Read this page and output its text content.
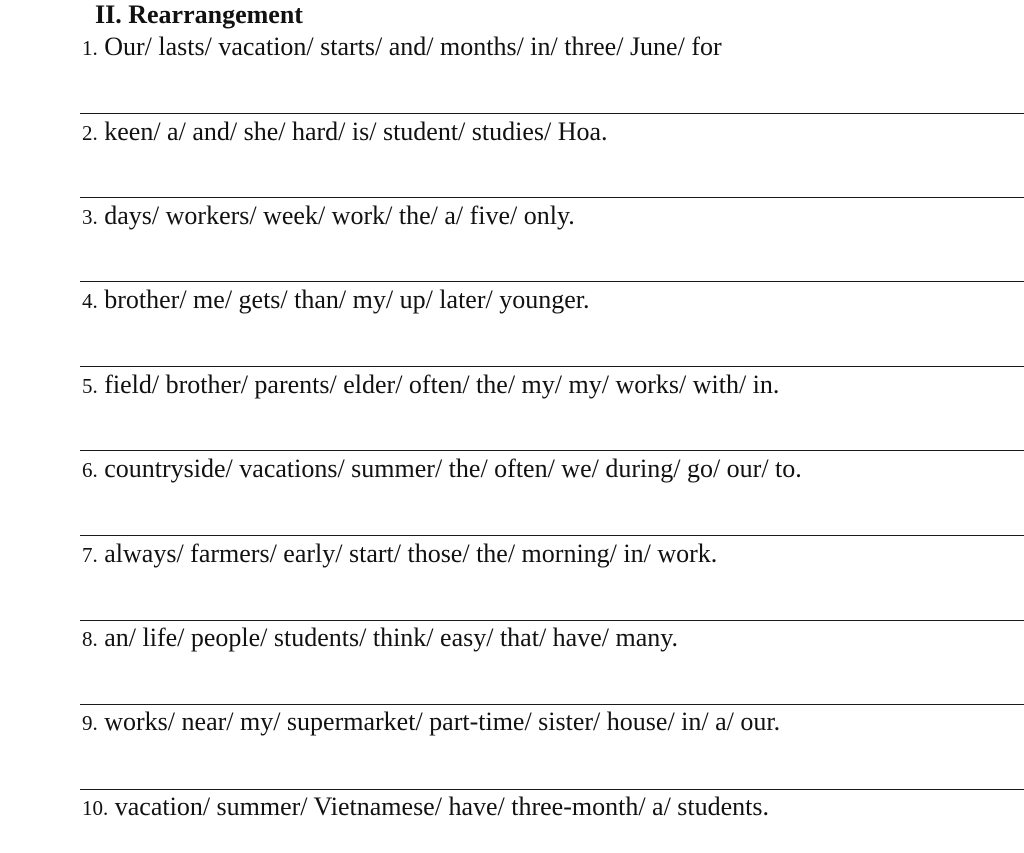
II. Rearrangement
1. Our/ lasts/ vacation/ starts/ and/ months/ in/ three/ June/ for
2. keen/ a/ and/ she/ hard/ is/ student/ studies/ Hoa.
3. days/ workers/ week/ work/ the/ a/ five/ only.
4. brother/ me/ gets/ than/ my/ up/ later/ younger.
5. field/ brother/ parents/ elder/ often/ the/ my/ my/ works/ with/ in.
6. countryside/ vacations/ summer/ the/ often/ we/ during/ go/ our/ to.
7. always/ farmers/ early/ start/ those/ the/ morning/ in/ work.
8. an/ life/ people/ students/ think/ easy/ that/ have/ many.
9. works/ near/ my/ supermarket/ part-time/ sister/ house/ in/ a/ our.
10. vacation/ summer/ Vietnamese/ have/ three-month/ a/ students.
